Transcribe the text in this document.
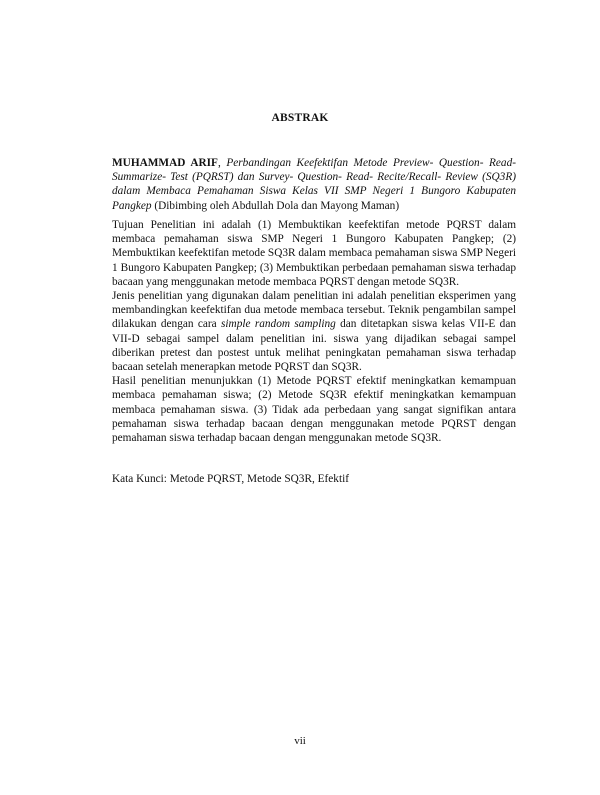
ABSTRAK

MUHAMMAD ARIF, Perbandingan Keefektifan Metode Preview- Question- Read- Summarize- Test (PQRST) dan Survey- Question- Read- Recite/Recall- Review (SQ3R) dalam Membaca Pemahaman Siswa Kelas VII SMP Negeri 1 Bungoro Kabupaten Pangkep (Dibimbing oleh Abdullah Dola dan Mayong Maman)

Tujuan Penelitian ini adalah (1) Membuktikan keefektifan metode PQRST dalam membaca pemahaman siswa SMP Negeri 1 Bungoro Kabupaten Pangkep; (2) Membuktikan keefektifan metode SQ3R dalam membaca pemahaman siswa SMP Negeri 1 Bungoro Kabupaten Pangkep; (3) Membuktikan perbedaan pemahaman siswa terhadap bacaan yang menggunakan metode membaca PQRST dengan metode SQ3R.

Jenis penelitian yang digunakan dalam penelitian ini adalah penelitian eksperimen yang membandingkan keefektifan dua metode membaca tersebut. Teknik pengambilan sampel dilakukan dengan cara simple random sampling dan ditetapkan siswa kelas VII-E dan VII-D sebagai sampel dalam penelitian ini. siswa yang dijadikan sebagai sampel diberikan pretest dan postest untuk melihat peningkatan pemahaman siswa terhadap bacaan setelah menerapkan metode PQRST dan SQ3R.

Hasil penelitian menunjukkan (1) Metode PQRST efektif meningkatkan kemampuan membaca pemahaman siswa; (2) Metode SQ3R efektif meningkatkan kemampuan membaca pemahaman siswa. (3) Tidak ada perbedaan yang sangat signifikan antara pemahaman siswa terhadap bacaan dengan menggunakan metode PQRST dengan pemahaman siswa terhadap bacaan dengan menggunakan metode SQ3R.

Kata Kunci: Metode PQRST, Metode SQ3R, Efektif
vii
